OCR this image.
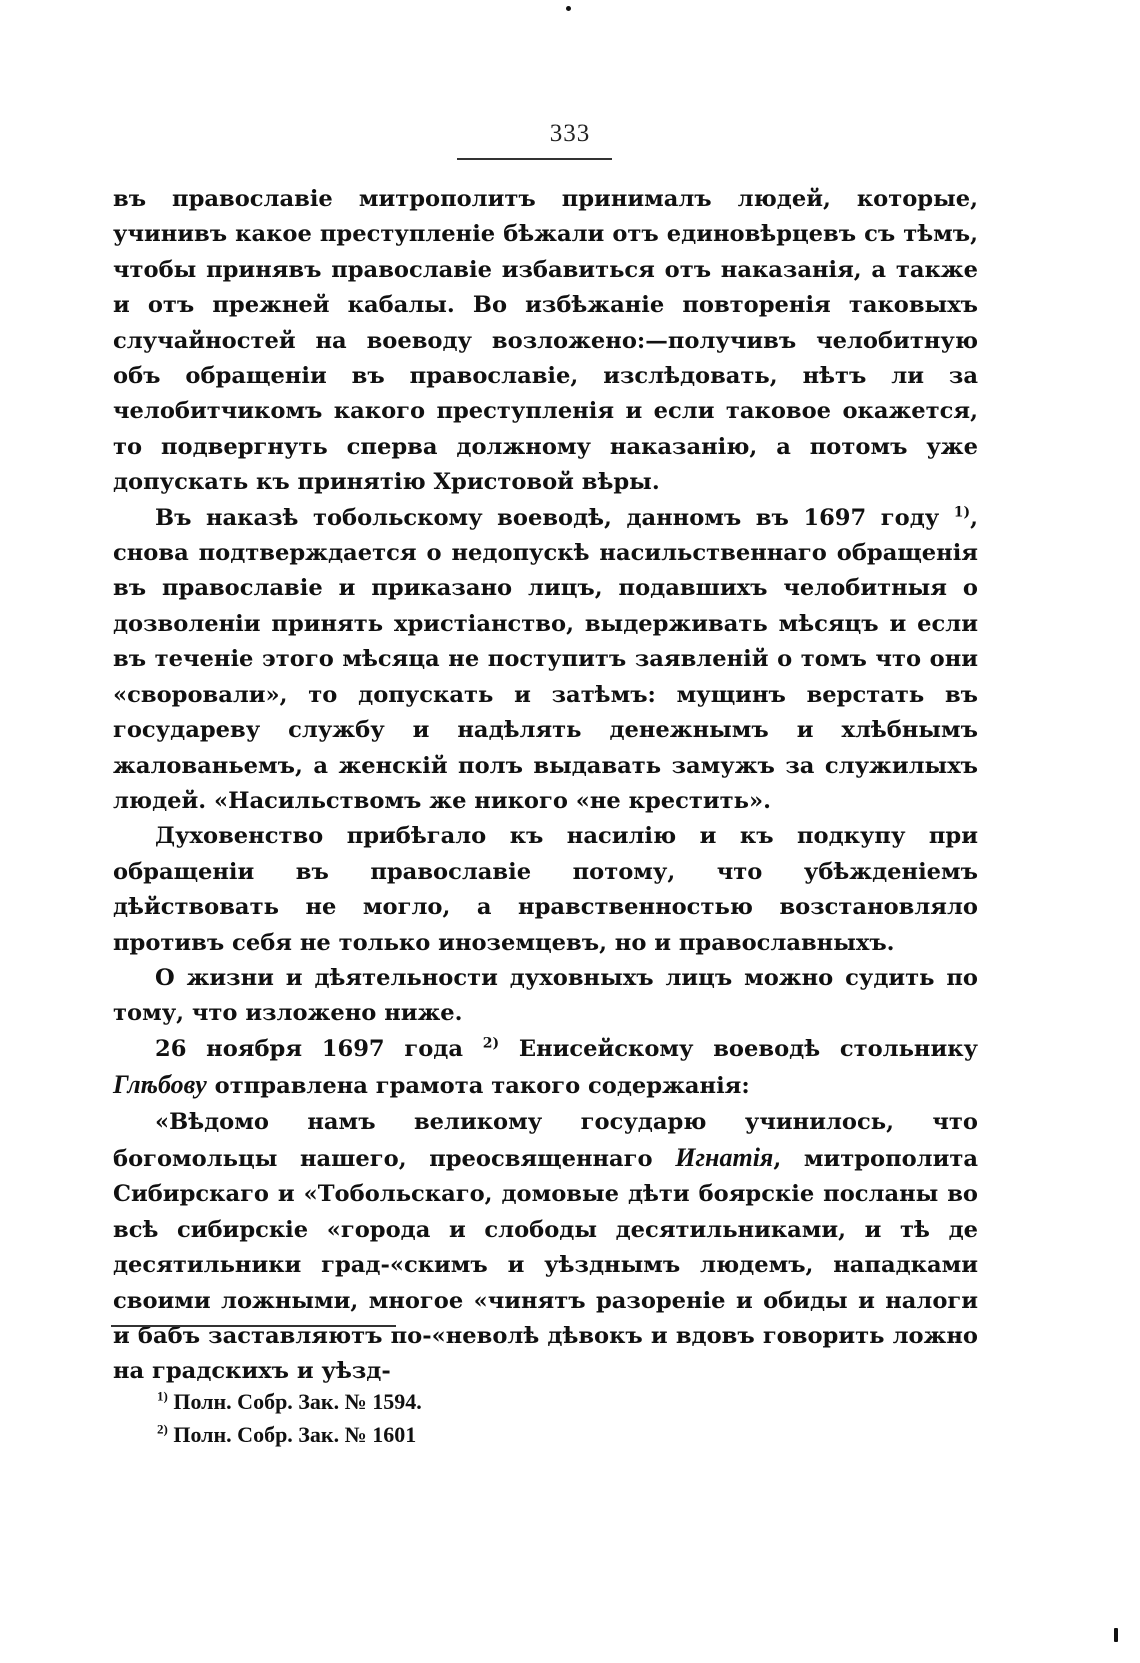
333

въ православіе митрополитъ принималъ людей, которые, учинивъ какое преступленіе бѣжали отъ единовѣрцевъ съ тѣмъ, чтобы принявъ православіе избавиться отъ наказанія, а также и отъ прежней кабалы. Во избѣжаніе повторенія таковыхъ случайностей на воеводу возложено:—получивъ челобитную объ обращеніи въ православіе, изслѣдовать, нѣтъ ли за челобитчикомъ какого преступленія и если таковое окажется, то подвергнуть сперва должному наказанію, а потомъ уже допускать къ принятію Христовой вѣры.

Въ наказѣ тобольскому воеводѣ, данномъ въ 1697 году $^{1)}$, снова подтверждается о недопускѣ насильственнаго обращенія въ православіе и приказано лицъ, подавшихъ челобитныя о дозволеніи принять христіанство, выдерживать мѣсяцъ и если въ теченіе этого мѣсяца не поступитъ заявленій о томъ что они «своровали», то допускать и затѣмъ: мущинъ верстать въ государеву службу и надѣлять денежнымъ и хлѣбнымъ жалованьемъ, а женскій полъ выдавать замужъ за служилыхъ людей. «Насильствомъ же никого «не крестить».

Духовенство прибѣгало къ насилію и къ подкупу при обращеніи въ православіе потому, что убѣжденіемъ дѣйствовать не могло, а нравственностью возстановляло противъ себя не только иноземцевъ, но и православныхъ.

О жизни и дѣятельности духовныхъ лицъ можно судить по тому, что изложено ниже.

26 ноября 1697 года $^{2)}$ Енисейскому воеводѣ стольнику Глѣбову отправлена грамота такого содержанія:

«Вѣдомо намъ великому государю учинилось, что богомольцы нашего, преосвященнаго Игнатія, митрополита Сибирскаго и «Тобольскаго, домовые дѣти боярскіе посланы во всѣ сибирскіе «города и слободы десятильниками, и тѣ де десятильники град-«скимъ и уѣзднымъ людемъ, нападками своими ложными, многое «чинятъ разореніе и обиды и налоги и бабъ заставляютъ по-«неволѣ дѣвокъ и вдовъ говорить ложно на градскихъ и уѣзд-

$^{1)}$ Полн. Собр. Зак. № 1594.
$^{2)}$ Полн. Собр. Зак. № 1601
